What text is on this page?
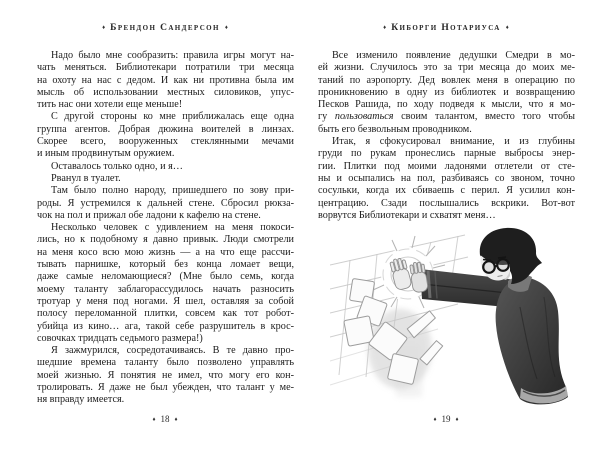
♦ Брендон Сандерсон ♦
Надо было мне сообразить: правила игры могут на-
чать меняться. Библиотекари потратили три месяца
на охоту на нас с дедом. И как ни противна была им
мысль об использовании местных силовиков, упус-
тить нас они хотели еще меньше!
С другой стороны ко мне приближалась еще одна
группа агентов. Добрая дюжина воителей в линзах.
Скорее всего, вооруженных стеклянными мечами
и иным продвинутым оружием.
Оставалось только одно, и я…
Рванул в туалет.
Там было полно народу, пришедшего по зову при-
роды. Я устремился к дальней стене. Сбросил рюкза-
чок на пол и прижал обе ладони к кафелю на стене.
Несколько человек с удивлением на меня покоси-
лись, но к подобному я давно привык. Люди смотрели
на меня косо всю мою жизнь — а на что еще рассчи-
тывать парнишке, который без конца ломает вещи,
даже самые неломающиеся? (Мне было семь, когда
моему таланту заблагорассудилось начать разносить
тротуар у меня под ногами. Я шел, оставляя за собой
полосу переломанной плитки, совсем как тот робот-
убийца из кино… ага, такой себе разрушитель в крос-
совочках тридцать седьмого размера!)
Я зажмурился, сосредотачиваясь. В те давно про-
шедшие времена таланту было позволено управлять
моей жизнью. Я понятия не имел, что могу его кон-
тролировать. Я даже не был убежден, что талант у ме-
ня вправду имеется.
♦ 18 ♦
♦ Киборги Нотариуса ♦
Все изменило появление дедушки Смедри в мо-
ей жизни. Случилось это за три месяца до моих ме-
таний по аэропорту. Дед вовлек меня в операцию по
проникновению в одну из библиотек и возвращению
Песков Рашида, по ходу подведя к мысли, что я мо-
гу пользоваться своим талантом, вместо того чтобы
быть его безвольным проводником.
Итак, я сфокусировал внимание, и из глубины
груди по рукам пронеслись парные выбросы энер-
гии. Плитки под моими ладонями отлетели от сте-
ны и осыпались на пол, разбиваясь со звоном, точно
сосульки, когда их сбиваешь с перил. Я усилил кон-
центрацию. Сзади послышались вскрики. Вот-вот
ворвутся Библиотекари и схватят меня…
♦ 19 ♦
